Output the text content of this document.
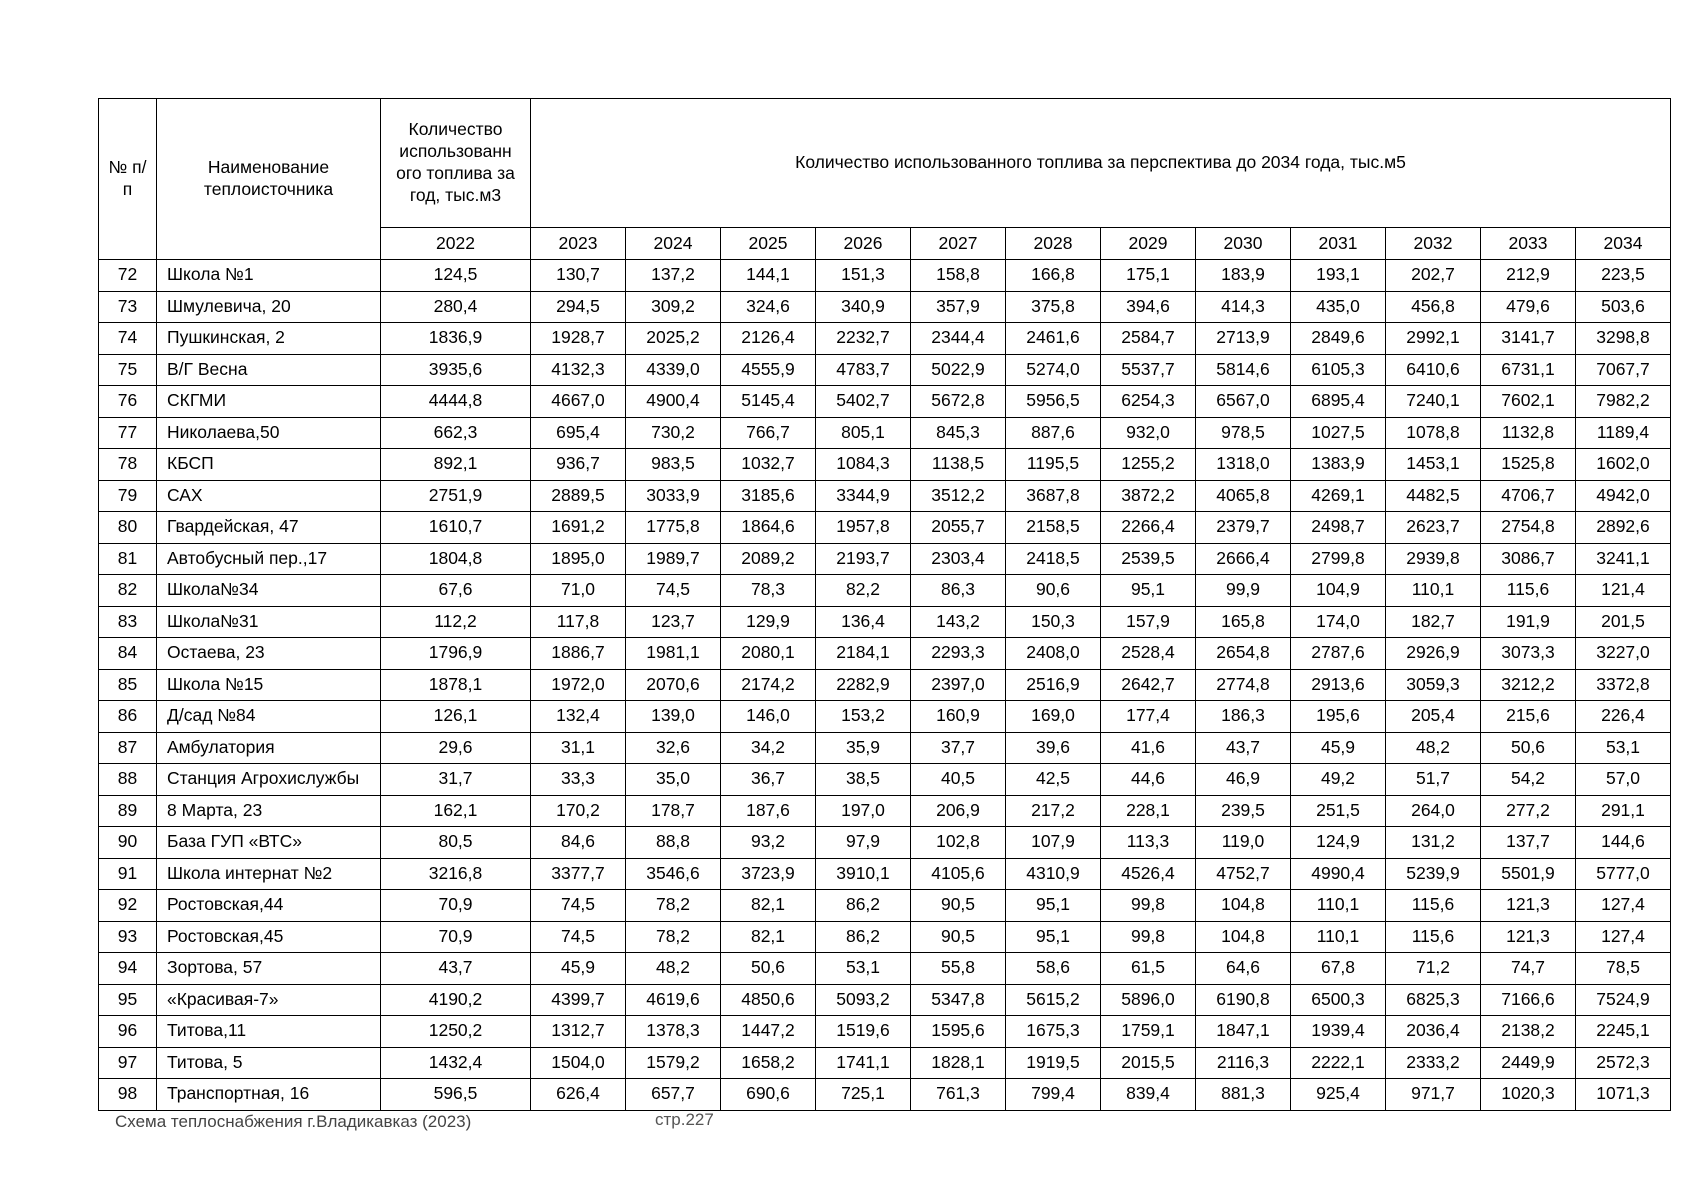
№ п/п	Наименование теплоисточника	Количество использованн ого топлива за год, тыс.м3	Количество использованного топлива за перспектива до 2034 года, тыс.м5											
		2022	2023	2024	2025	2026	2027	2028	2029	2030	2031	2032	2033	2034
72	Школа №1	124,5	130,7	137,2	144,1	151,3	158,8	166,8	175,1	183,9	193,1	202,7	212,9	223,5
73	Шмулевича, 20	280,4	294,5	309,2	324,6	340,9	357,9	375,8	394,6	414,3	435,0	456,8	479,6	503,6
74	Пушкинская, 2	1836,9	1928,7	2025,2	2126,4	2232,7	2344,4	2461,6	2584,7	2713,9	2849,6	2992,1	3141,7	3298,8
75	В/Г Весна	3935,6	4132,3	4339,0	4555,9	4783,7	5022,9	5274,0	5537,7	5814,6	6105,3	6410,6	6731,1	7067,7
76	СКГМИ	4444,8	4667,0	4900,4	5145,4	5402,7	5672,8	5956,5	6254,3	6567,0	6895,4	7240,1	7602,1	7982,2
77	Николаева,50	662,3	695,4	730,2	766,7	805,1	845,3	887,6	932,0	978,5	1027,5	1078,8	1132,8	1189,4
78	КБСП	892,1	936,7	983,5	1032,7	1084,3	1138,5	1195,5	1255,2	1318,0	1383,9	1453,1	1525,8	1602,0
79	САХ	2751,9	2889,5	3033,9	3185,6	3344,9	3512,2	3687,8	3872,2	4065,8	4269,1	4482,5	4706,7	4942,0
80	Гвардейская, 47	1610,7	1691,2	1775,8	1864,6	1957,8	2055,7	2158,5	2266,4	2379,7	2498,7	2623,7	2754,8	2892,6
81	Автобусный пер.,17	1804,8	1895,0	1989,7	2089,2	2193,7	2303,4	2418,5	2539,5	2666,4	2799,8	2939,8	3086,7	3241,1
82	Школа№34	67,6	71,0	74,5	78,3	82,2	86,3	90,6	95,1	99,9	104,9	110,1	115,6	121,4
83	Школа№31	112,2	117,8	123,7	129,9	136,4	143,2	150,3	157,9	165,8	174,0	182,7	191,9	201,5
84	Остаева, 23	1796,9	1886,7	1981,1	2080,1	2184,1	2293,3	2408,0	2528,4	2654,8	2787,6	2926,9	3073,3	3227,0
85	Школа №15	1878,1	1972,0	2070,6	2174,2	2282,9	2397,0	2516,9	2642,7	2774,8	2913,6	3059,3	3212,2	3372,8
86	Д/сад №84	126,1	132,4	139,0	146,0	153,2	160,9	169,0	177,4	186,3	195,6	205,4	215,6	226,4
87	Амбулатория	29,6	31,1	32,6	34,2	35,9	37,7	39,6	41,6	43,7	45,9	48,2	50,6	53,1
88	Станция Агрохислужбы	31,7	33,3	35,0	36,7	38,5	40,5	42,5	44,6	46,9	49,2	51,7	54,2	57,0
89	8 Марта, 23	162,1	170,2	178,7	187,6	197,0	206,9	217,2	228,1	239,5	251,5	264,0	277,2	291,1
90	База ГУП «ВТС»	80,5	84,6	88,8	93,2	97,9	102,8	107,9	113,3	119,0	124,9	131,2	137,7	144,6
91	Школа интернат №2	3216,8	3377,7	3546,6	3723,9	3910,1	4105,6	4310,9	4526,4	4752,7	4990,4	5239,9	5501,9	5777,0
92	Ростовская,44	70,9	74,5	78,2	82,1	86,2	90,5	95,1	99,8	104,8	110,1	115,6	121,3	127,4
93	Ростовская,45	70,9	74,5	78,2	82,1	86,2	90,5	95,1	99,8	104,8	110,1	115,6	121,3	127,4
94	Зортова, 57	43,7	45,9	48,2	50,6	53,1	55,8	58,6	61,5	64,6	67,8	71,2	74,7	78,5
95	«Красивая-7»	4190,2	4399,7	4619,6	4850,6	5093,2	5347,8	5615,2	5896,0	6190,8	6500,3	6825,3	7166,6	7524,9
96	Титова,11	1250,2	1312,7	1378,3	1447,2	1519,6	1595,6	1675,3	1759,1	1847,1	1939,4	2036,4	2138,2	2245,1
97	Титова, 5	1432,4	1504,0	1579,2	1658,2	1741,1	1828,1	1919,5	2015,5	2116,3	2222,1	2333,2	2449,9	2572,3
98	Транспортная, 16	596,5	626,4	657,7	690,6	725,1	761,3	799,4	839,4	881,3	925,4	971,7	1020,3	1071,3
Схема теплоснабжения г.Владикавказ (2023)	стр.227
